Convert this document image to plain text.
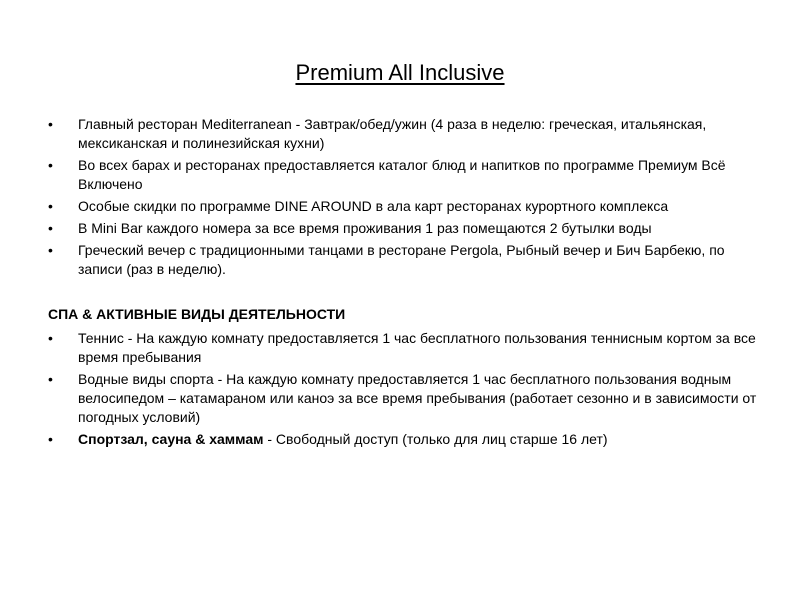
Premium All Inclusive
•	Главный ресторан Mediterranean - Завтрак/обед/ужин (4 раза в неделю: греческая, итальянская, мексиканская и полинезийская кухни)
•	Во всех барах и ресторанах предоставляется каталог блюд и напитков по программе Премиум Всё Включено
•	Особые скидки по программе DINE AROUND в ала карт ресторанах курортного комплекса
•	В Mini Bar каждого номера за все время проживания 1 раз помещаются 2 бутылки воды
•	Греческий вечер с традиционными танцами в ресторане Pergola, Рыбный вечер и Бич Барбекю, по записи (раз в неделю).
СПА & АКТИВНЫЕ ВИДЫ ДЕЯТЕЛЬНОСТИ
•	Теннис - На каждую комнату предоставляется 1 час бесплатного пользования теннисным кортом за все время пребывания
•	Водные виды спорта - На каждую комнату предоставляется 1 час бесплатного пользования водным велосипедом – катамараном или каноэ за все время пребывания (работает сезонно и в зависимости от погодных условий)
•	Спортзал, сауна & хаммам - Свободный доступ (только для лиц старше 16 лет)
